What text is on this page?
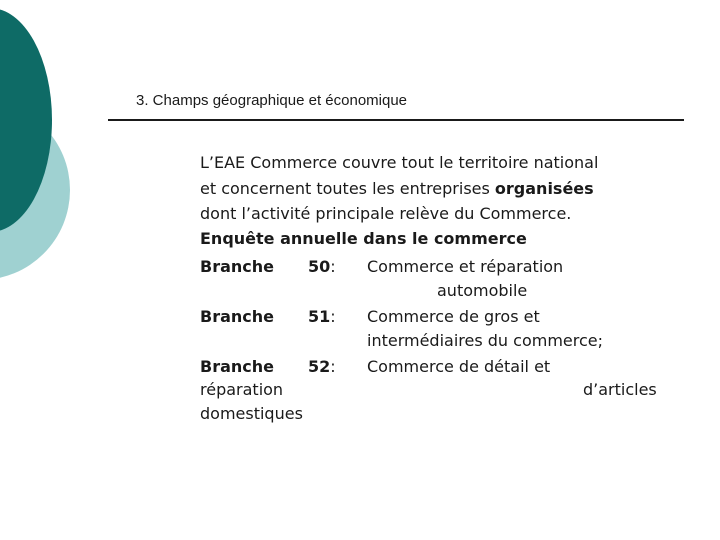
3. Champs géographique et économique
L’EAE Commerce couvre tout le territoire national
et concernent toutes les entreprises organisées
dont l’activité principale relève du Commerce.
Enquête annuelle dans le commerce
Branche 50: Commerce et réparation
automobile
Branche 51: Commerce de gros et
intermédiaires du commerce;
Branche 52: Commerce de détail et
réparation	d’articles
domestiques
